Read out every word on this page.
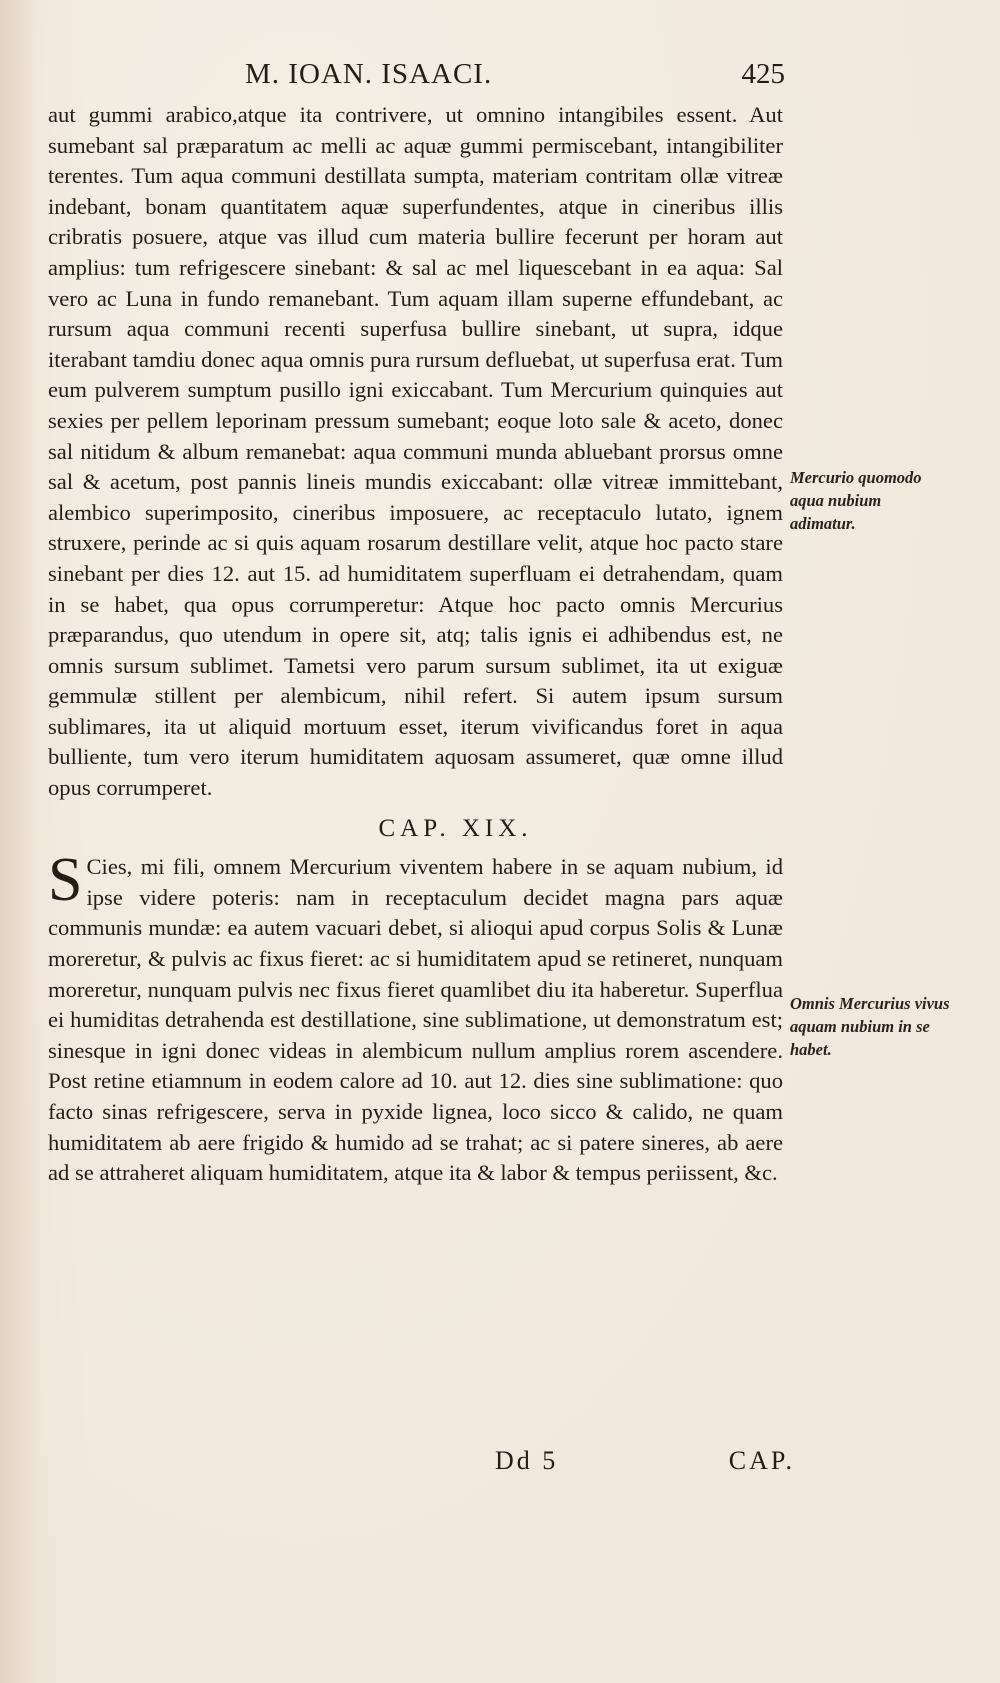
M. IOAN. ISAACI.	425

aut gummi arabico,atque ita contrivere, ut omnino intangibiles essent. Aut sumebant sal præparatum ac melli ac aquæ gummi permiscebant, intangibiliter terentes. Tum aqua communi destillata sumpta, materiam contritam ollæ vitreæ indebant, bonam quantitatem aquæ superfundentes, atque in cineribus illis cribratis posuere, atque vas illud cum materia bullire fecerunt per horam aut amplius: tum refrigescere sinebant: & sal ac mel liquescebant in ea aqua: Sal vero ac Luna in fundo remanebant. Tum aquam illam superne effundebant, ac rursum aqua communi recenti superfusa bullire sinebant, ut supra, idque iterabant tamdiu donec aqua omnis pura rursum defluebat, ut superfusa erat. Tum eum pulverem sumptum pusillo igni exiccabant. Tum Mercurium quinquies aut sexies per pellem leporinam pressum sumebant; eoque loto sale & aceto, donec sal nitidum & album remanebat: aqua communi munda abluebant prorsus omne sal & acetum, post pannis lineis mundis exiccabant: ollæ vitreæ immittebant, alembico superimposito, cineribus imposuere, ac receptaculo lutato, ignem struxere, perinde ac si quis aquam rosarum destillare velit, atque hoc pacto stare sinebant per dies 12. aut 15. ad humiditatem superfluam ei detrahendam, quam in se habet, qua opus corrumperetur: Atque hoc pacto omnis Mercurius præparandus, quo utendum in opere sit, atq; talis ignis ei adhibendus est, ne omnis sursum sublimet. Tametsi vero parum sursum sublimet, ita ut exiguæ gemmulæ stillent per alembicum, nihil refert. Si autem ipsum sursum sublimares, ita ut aliquid mortuum esset, iterum vivificandus foret in aqua bulliente, tum vero iterum humiditatem aquosam assumeret, quæ omne illud opus corrumperet.

CAP. XIX.

S Cies, mi fili, omnem Mercurium viventem habere in se aquam nubium, id ipse videre poteris: nam in receptaculum decidet magna pars aquæ communis mundæ: ea autem vacuari debet, si alioqui apud corpus Solis & Lunæ moreretur, & pulvis ac fixus fieret: ac si humiditatem apud se retineret, nunquam moreretur, nunquam pulvis nec fixus fieret quamlibet diu ita haberetur. Superflua ei humiditas detrahenda est destillatione, sine sublimatione, ut demonstratum est; sinesque in igni donec videas in alembicum nullum amplius rorem ascendere. Post retine etiamnum in eodem calore ad 10. aut 12. dies sine sublimatione: quo facto sinas refrigescere, serva in pyxide lignea, loco sicco & calido, ne quam humiditatem ab aere frigido & humido ad se trahat; ac si patere sineres, ab aere ad se attraheret aliquam humiditatem, atque ita & labor & tempus periissent, &c.

Mercurio quomodo aqua nubium adimatur.
Omnis Mercurius vivus aquam nubium in se habet.
Dd 5	CAP.
